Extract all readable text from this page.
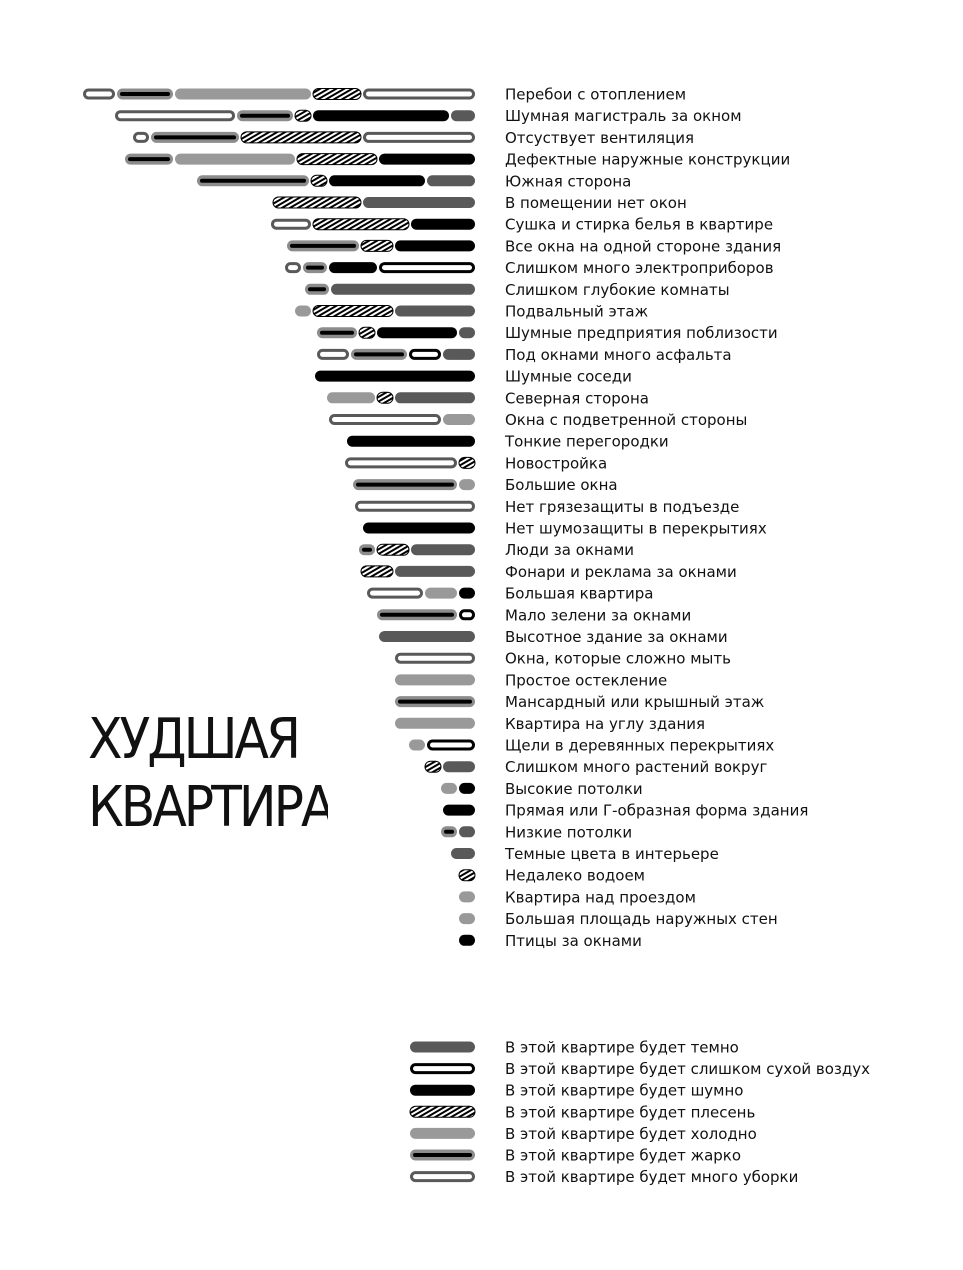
ХУДШАЯ
КВАРТИРА
Перебои с отоплением
Шумная магистраль за окном
Отсуствует вентиляция
Дефектные наружные конструкции
Южная сторона
В помещении нет окон
Сушка и стирка белья в квартире
Все окна на одной стороне здания
Слишком много электроприборов
Слишком глубокие комнаты
Подвальный этаж
Шумные предприятия поблизости
Под окнами много асфальта
Шумные соседи
Северная сторона
Окна с подветренной стороны
Тонкие перегородки
Новостройка
Большие окна
Нет грязезащиты в подъезде
Нет шумозащиты в перекрытиях
Люди за окнами
Фонари и реклама за окнами
Большая квартира
Мало зелени за окнами
Высотное здание за окнами
Окна, которые сложно мыть
Простое остекление
Мансардный или крышный этаж
Квартира на углу здания
Щели в деревянных перекрытиях
Слишком много растений вокруг
Высокие потолки
Прямая или Г-образная форма здания
Низкие потолки
Темные цвета в интерьере
Недалеко водоем
Квартира над проездом
Большая площадь наружных стен
Птицы за окнами
В этой квартире будет темно
В этой квартире будет слишком сухой воздух
В этой квартире будет шумно
В этой квартире будет плесень
В этой квартире будет холодно
В этой квартире будет жарко
В этой квартире будет много уборки
